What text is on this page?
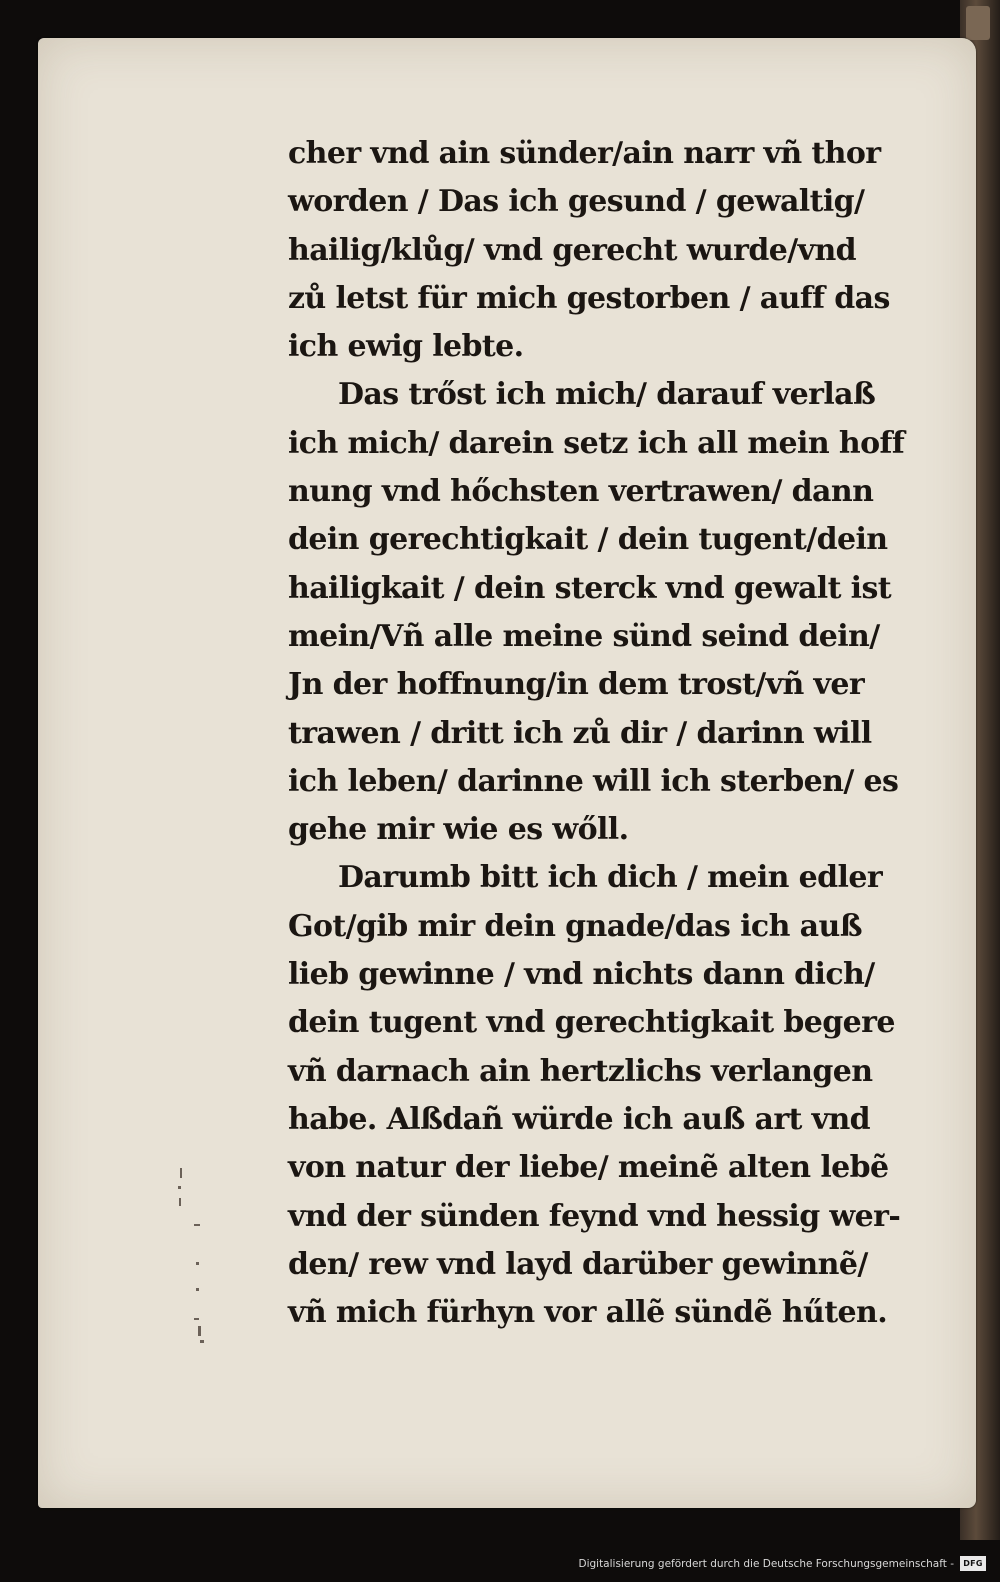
cher vnd ain sünder/ain narr vñ thor
worden / Das ich gesund / gewaltig/
hailig/klůg/ vnd gerecht wurde/vnd
zů letst für mich gestorben / auff das
ich ewig lebte.
Das trőst ich mich/ darauf verlaß
ich mich/ darein setz ich all mein hoff
nung vnd hőchsten vertrawen/ dann
dein gerechtigkait / dein tugent/dein
hailigkait / dein sterck vnd gewalt ist
mein/Vñ alle meine sünd seind dein/
Jn der hoffnung/in dem trost/vñ ver
trawen / dritt ich zů dir / darinn will
ich leben/ darinne will ich sterben/ es
gehe mir wie es wőll.
Darumb bitt ich dich / mein edler
Got/gib mir dein gnade/das ich auß
lieb gewinne / vnd nichts dann dich/
dein tugent vnd gerechtigkait begere
vñ darnach ain hertzlichs verlangen
habe. Alßdañ würde ich auß art vnd
von natur der liebe/ meinẽ alten lebẽ
vnd der sünden feynd vnd hessig wer-
den/ rew vnd layd darüber gewinnẽ/
vñ mich fürhyn vor allẽ sündẽ hűten.
Digitalisierung gefördert durch die Deutsche Forschungsgemeinschaft -	DFG
